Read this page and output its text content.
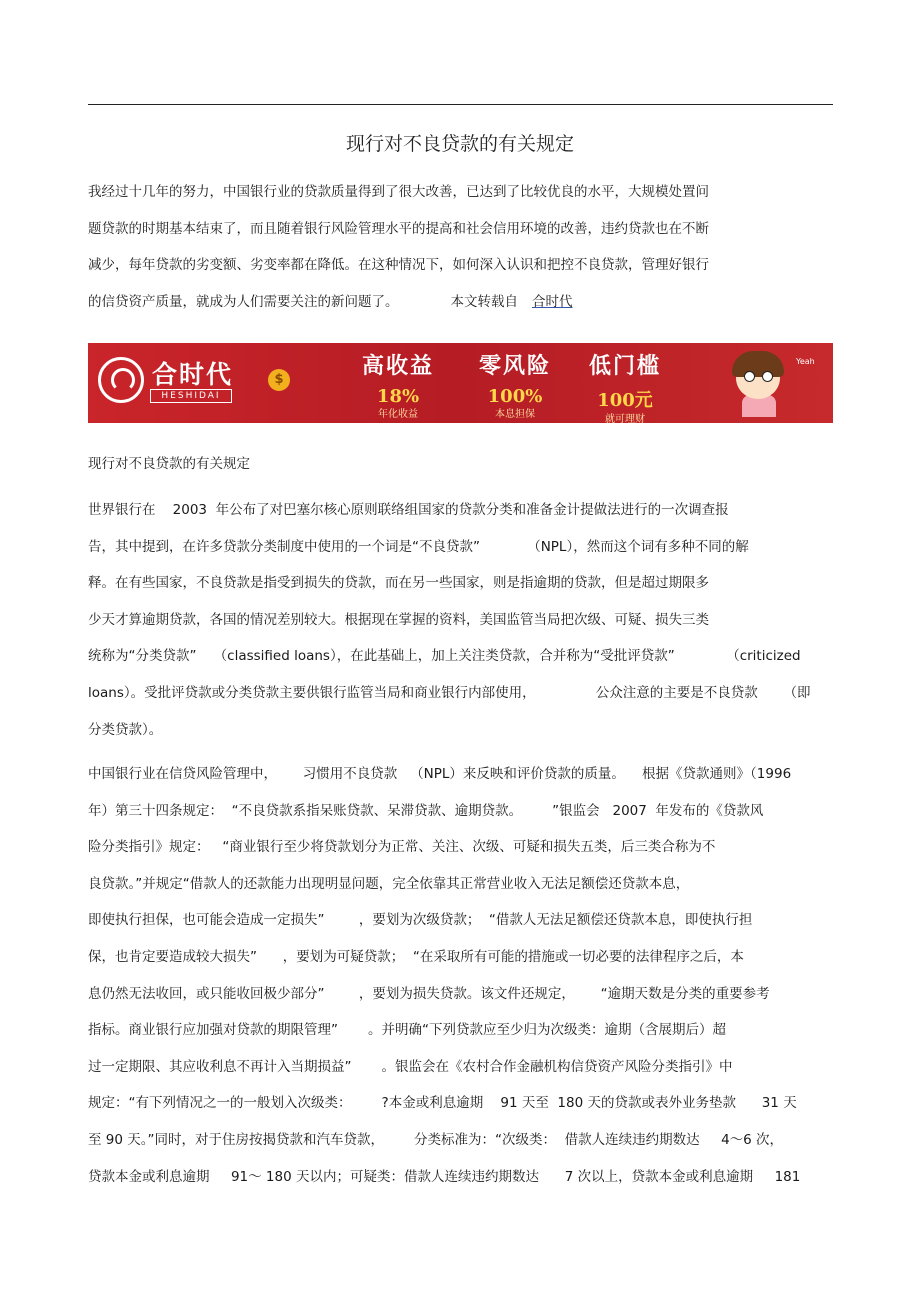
现行对不良贷款的有关规定
我经过十几年的努力，中国银行业的贷款质量得到了很大改善，已达到了比较优良的水平，大规模处置问
题贷款的时期基本结束了，而且随着银行风险管理水平的提高和社会信用环境的改善，违约贷款也在不断
减少，每年贷款的劣变额、劣变率都在降低。在这种情况下，如何深入认识和把控不良贷款，管理好银行
的信贷资产质量，就成为人们需要关注的新问题了。	本文转载自 合时代
合时代
HESHIDAI
$
高收益
18%
年化收益
零风险
100%
本息担保
低门槛
100元
就可理财
Yeah
现行对不良贷款的有关规定
世界银行在    2003  年公布了对巴塞尔核心原则联络组国家的贷款分类和准备金计提做法进行的一次调查报
告，其中提到，在许多贷款分类制度中使用的一个词是“不良贷款”           （NPL），然而这个词有多种不同的解
释。在有些国家，不良贷款是指受到损失的贷款，而在另一些国家，则是指逾期的贷款，但是超过期限多
少天才算逾期贷款，各国的情况差别较大。根据现在掌握的资料，美国监管当局把次级、可疑、损失三类
统称为“分类贷款”    （classified loans），在此基础上，加上关注类贷款，合并称为“受批评贷款”            （criticized
loans）。受批评贷款或分类贷款主要供银行监管当局和商业银行内部使用，              公众注意的主要是不良贷款      （即
分类贷款）。
中国银行业在信贷风险管理中，      习惯用不良贷款   （NPL）来反映和评价贷款的质量。    根据《贷款通则》（1996
年）第三十四条规定：  “不良贷款系指呆账贷款、呆滞贷款、逾期贷款。       ”银监会   2007  年发布的《贷款风
险分类指引》规定：   “商业银行至少将贷款划分为正常、关注、次级、可疑和损失五类，后三类合称为不
良贷款。”并规定“借款人的还款能力出现明显问题，完全依靠其正常营业收入无法足额偿还贷款本息，
即使执行担保，也可能会造成一定损失”        ，要划为次级贷款；  “借款人无法足额偿还贷款本息，即使执行担
保，也肯定要造成较大损失”      ，要划为可疑贷款；  “在采取所有可能的措施或一切必要的法律程序之后，本
息仍然无法收回，或只能收回极少部分”        ，要划为损失贷款。该文件还规定，      “逾期天数是分类的重要参考
指标。商业银行应加强对贷款的期限管理”       。并明确“下列贷款应至少归为次级类：逾期（含展期后）超
过一定期限、其应收利息不再计入当期损益”       。银监会在《农村合作金融机构信贷资产风险分类指引》中
规定：“有下列情况之一的一般划入次级类：       ?本金或利息逾期    91 天至  180 天的贷款或表外业务垫款      31 天
至 90 天。”同时，对于住房按揭贷款和汽车贷款，       分类标准为：“次级类：  借款人连续违约期数达     4～6 次，
贷款本金或利息逾期     91～ 180 天以内；可疑类：借款人连续违约期数达      7 次以上，贷款本金或利息逾期     181
